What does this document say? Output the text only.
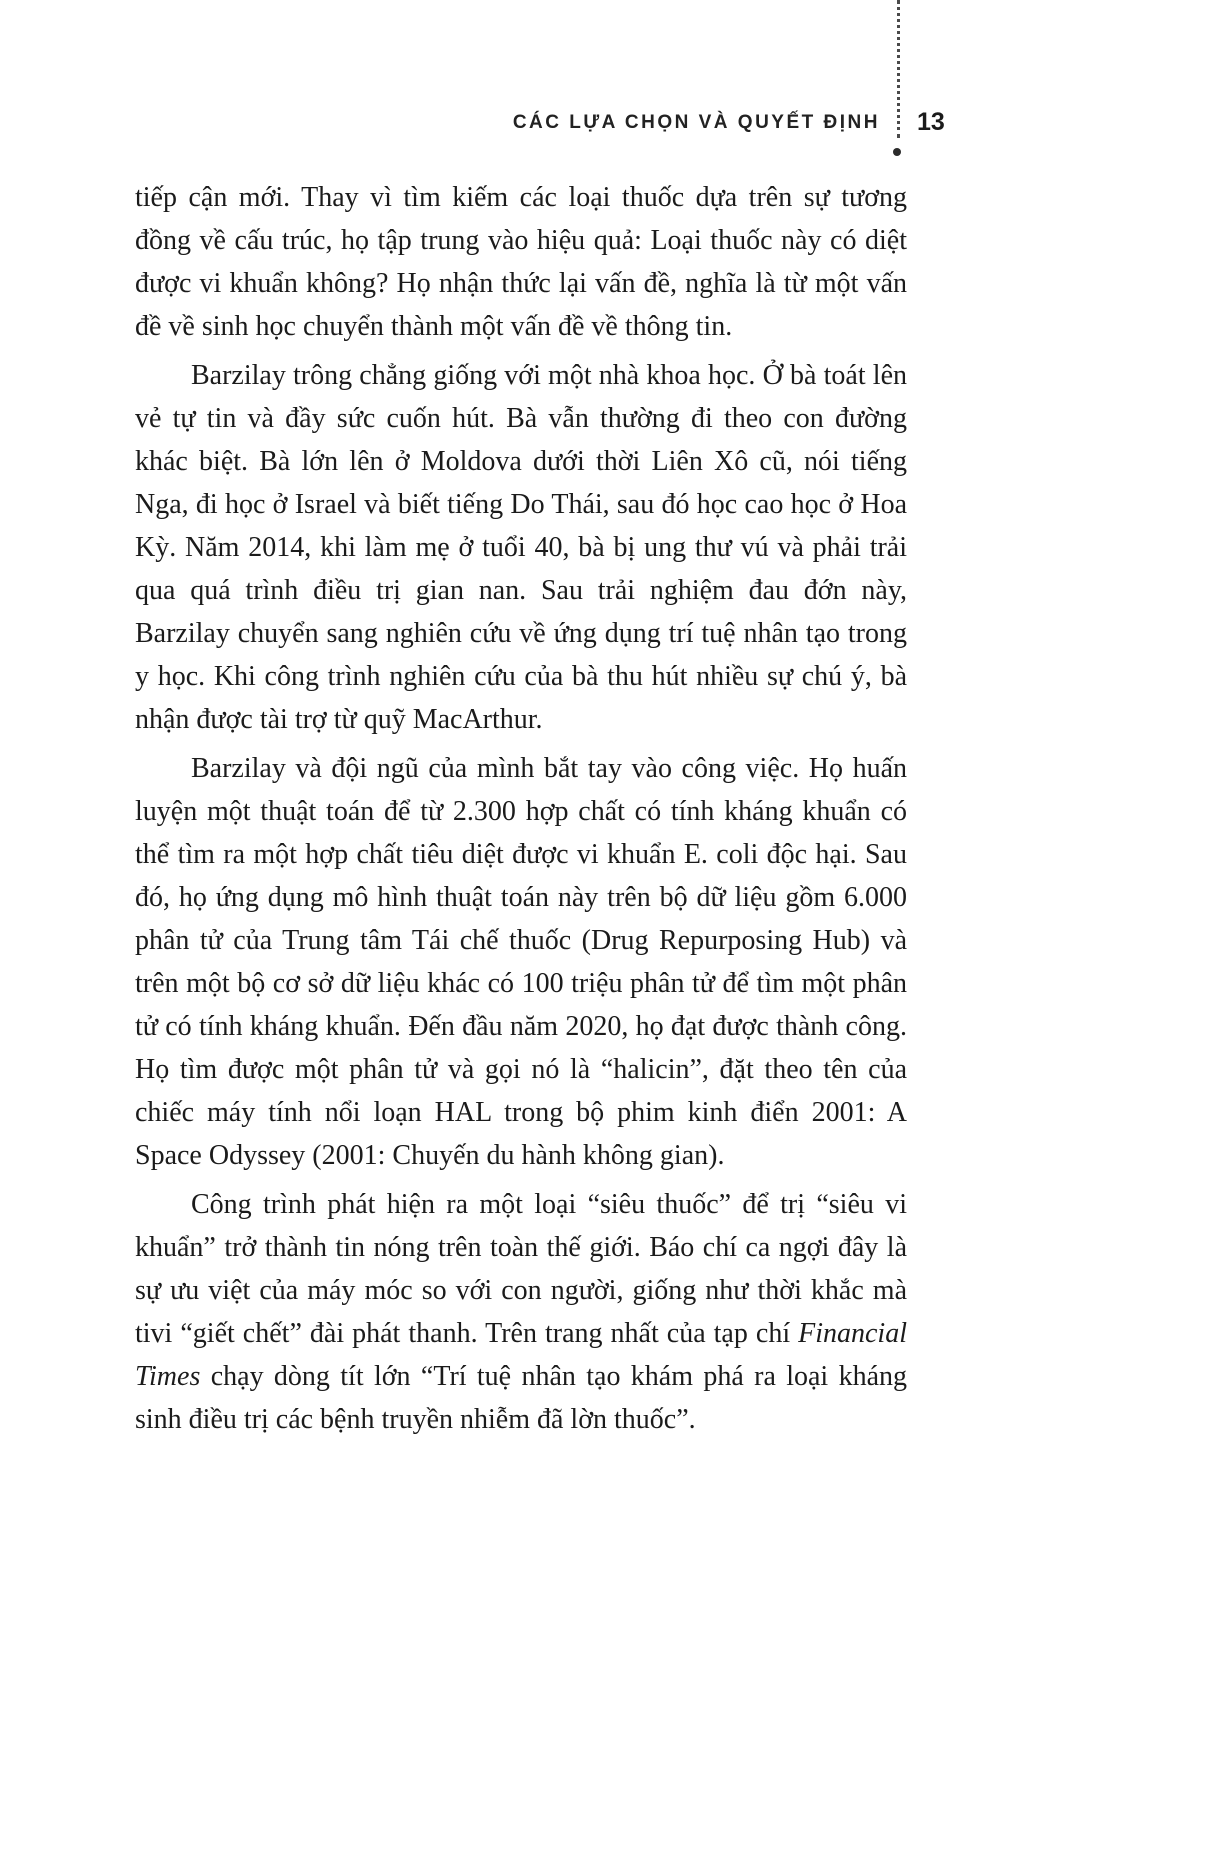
CÁC LỰA CHỌN VÀ QUYẾT ĐỊNH 13

tiếp cận mới. Thay vì tìm kiếm các loại thuốc dựa trên sự tương đồng về cấu trúc, họ tập trung vào hiệu quả: Loại thuốc này có diệt được vi khuẩn không? Họ nhận thức lại vấn đề, nghĩa là từ một vấn đề về sinh học chuyển thành một vấn đề về thông tin.

Barzilay trông chẳng giống với một nhà khoa học. Ở bà toát lên vẻ tự tin và đầy sức cuốn hút. Bà vẫn thường đi theo con đường khác biệt. Bà lớn lên ở Moldova dưới thời Liên Xô cũ, nói tiếng Nga, đi học ở Israel và biết tiếng Do Thái, sau đó học cao học ở Hoa Kỳ. Năm 2014, khi làm mẹ ở tuổi 40, bà bị ung thư vú và phải trải qua quá trình điều trị gian nan. Sau trải nghiệm đau đớn này, Barzilay chuyển sang nghiên cứu về ứng dụng trí tuệ nhân tạo trong y học. Khi công trình nghiên cứu của bà thu hút nhiều sự chú ý, bà nhận được tài trợ từ quỹ MacArthur.

Barzilay và đội ngũ của mình bắt tay vào công việc. Họ huấn luyện một thuật toán để từ 2.300 hợp chất có tính kháng khuẩn có thể tìm ra một hợp chất tiêu diệt được vi khuẩn E. coli độc hại. Sau đó, họ ứng dụng mô hình thuật toán này trên bộ dữ liệu gồm 6.000 phân tử của Trung tâm Tái chế thuốc (Drug Repurposing Hub) và trên một bộ cơ sở dữ liệu khác có 100 triệu phân tử để tìm một phân tử có tính kháng khuẩn. Đến đầu năm 2020, họ đạt được thành công. Họ tìm được một phân tử và gọi nó là “halicin”, đặt theo tên của chiếc máy tính nổi loạn HAL trong bộ phim kinh điển 2001: A Space Odyssey (2001: Chuyến du hành không gian).

Công trình phát hiện ra một loại “siêu thuốc” để trị “siêu vi khuẩn” trở thành tin nóng trên toàn thế giới. Báo chí ca ngợi đây là sự ưu việt của máy móc so với con người, giống như thời khắc mà tivi “giết chết” đài phát thanh. Trên trang nhất của tạp chí Financial Times chạy dòng tít lớn “Trí tuệ nhân tạo khám phá ra loại kháng sinh điều trị các bệnh truyền nhiễm đã lờn thuốc”.
